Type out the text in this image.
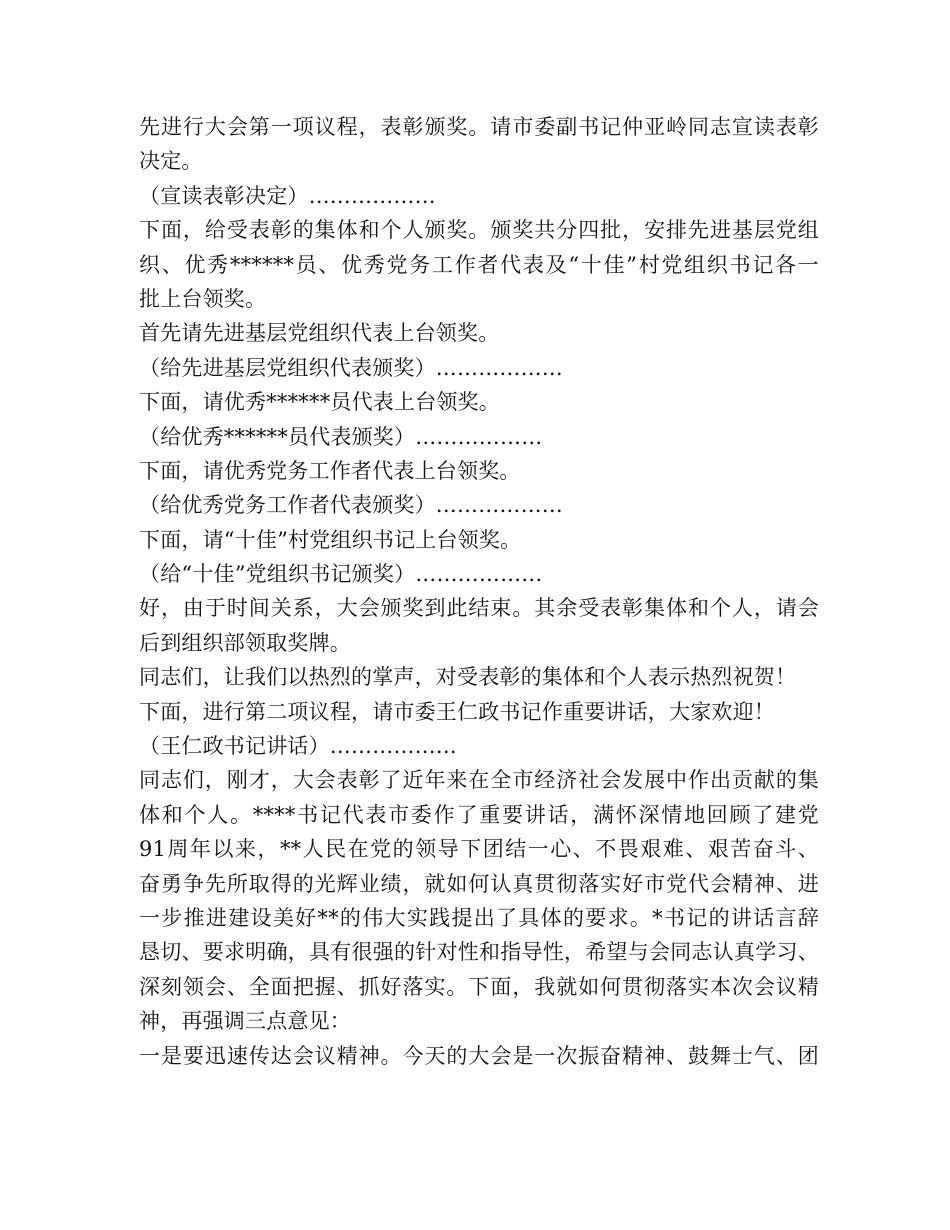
先进行大会第一项议程，表彰颁奖。请市委副书记仲亚岭同志宣读表彰
决定。
（宣读表彰决定）………………
下面，给受表彰的集体和个人颁奖。颁奖共分四批，安排先进基层党组
织、优秀******员、优秀党务工作者代表及“十佳”村党组织书记各一
批上台领奖。
首先请先进基层党组织代表上台领奖。
（给先进基层党组织代表颁奖）………………
下面，请优秀******员代表上台领奖。
（给优秀******员代表颁奖）………………
下面，请优秀党务工作者代表上台领奖。
（给优秀党务工作者代表颁奖）………………
下面，请“十佳”村党组织书记上台领奖。
（给“十佳”党组织书记颁奖）………………
好，由于时间关系，大会颁奖到此结束。其余受表彰集体和个人，请会
后到组织部领取奖牌。
同志们，让我们以热烈的掌声，对受表彰的集体和个人表示热烈祝贺！
下面，进行第二项议程，请市委王仁政书记作重要讲话，大家欢迎！
（王仁政书记讲话）………………
同志们，刚才，大会表彰了近年来在全市经济社会发展中作出贡献的集
体和个人。****书记代表市委作了重要讲话，满怀深情地回顾了建党
91周年以来，**人民在党的领导下团结一心、不畏艰难、艰苦奋斗、
奋勇争先所取得的光辉业绩，就如何认真贯彻落实好市党代会精神、进
一步推进建设美好**的伟大实践提出了具体的要求。*书记的讲话言辞
恳切、要求明确，具有很强的针对性和指导性，希望与会同志认真学习、
深刻领会、全面把握、抓好落实。下面，我就如何贯彻落实本次会议精
神，再强调三点意见：
一是要迅速传达会议精神。今天的大会是一次振奋精神、鼓舞士气、团
